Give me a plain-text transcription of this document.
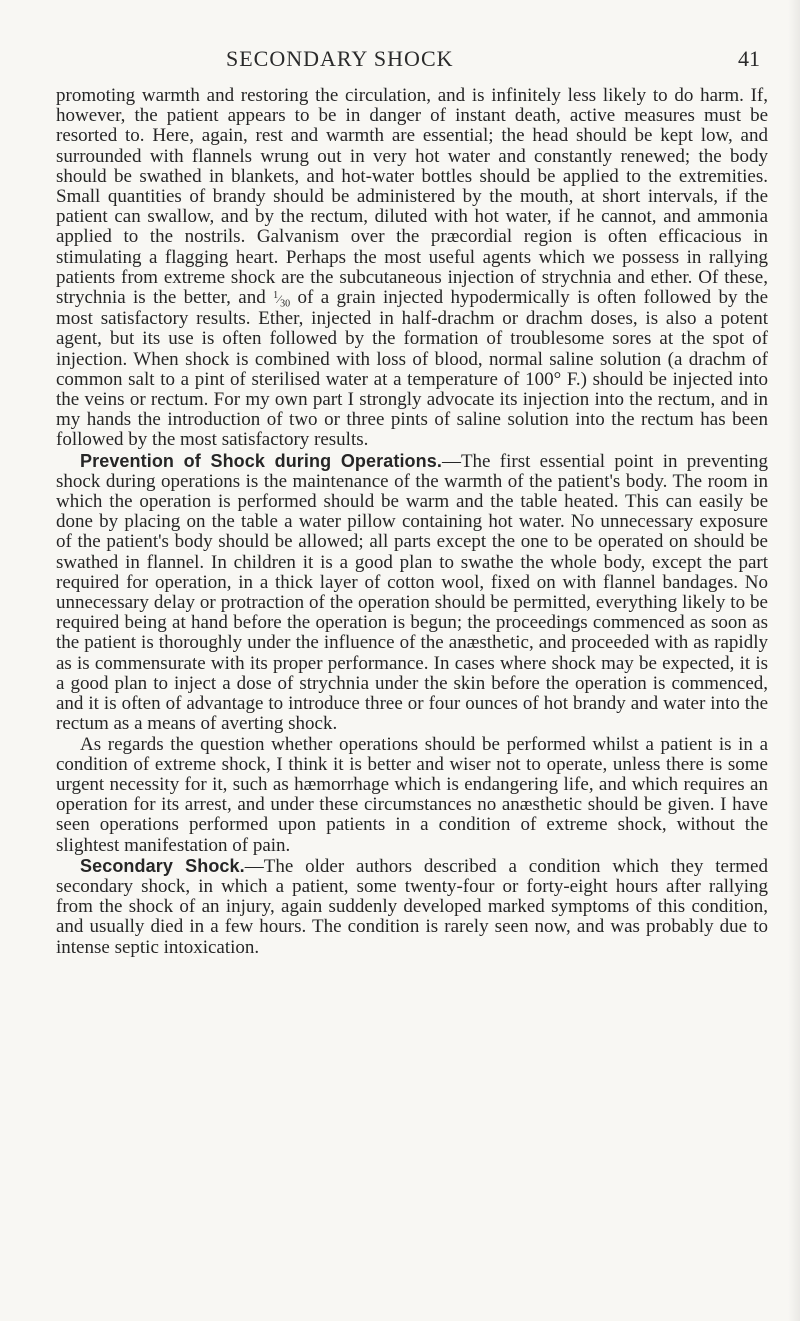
SECONDARY SHOCK	41

promoting warmth and restoring the circulation, and is infinitely less likely to do harm. If, however, the patient appears to be in danger of instant death, active measures must be resorted to. Here, again, rest and warmth are essential; the head should be kept low, and surrounded with flannels wrung out in very hot water and constantly renewed; the body should be swathed in blankets, and hot-water bottles should be applied to the extremities. Small quantities of brandy should be administered by the mouth, at short intervals, if the patient can swallow, and by the rectum, diluted with hot water, if he cannot, and ammonia applied to the nostrils. Galvanism over the præcordial region is often efficacious in stimulating a flagging heart. Perhaps the most useful agents which we possess in rallying patients from extreme shock are the subcutaneous injection of strychnia and ether. Of these, strychnia is the better, and $^1⁄_{30}$ of a grain injected hypodermically is often followed by the most satisfactory results. Ether, injected in half-drachm or drachm doses, is also a potent agent, but its use is often followed by the formation of troublesome sores at the spot of injection. When shock is combined with loss of blood, normal saline solution (a drachm of common salt to a pint of sterilised water at a temperature of 100° F.) should be injected into the veins or rectum. For my own part I strongly advocate its injection into the rectum, and in my hands the introduction of two or three pints of saline solution into the rectum has been followed by the most satisfactory results.

Prevention of Shock during Operations.—The first essential point in preventing shock during operations is the maintenance of the warmth of the patient's body. The room in which the operation is performed should be warm and the table heated. This can easily be done by placing on the table a water pillow containing hot water. No unnecessary exposure of the patient's body should be allowed; all parts except the one to be operated on should be swathed in flannel. In children it is a good plan to swathe the whole body, except the part required for operation, in a thick layer of cotton wool, fixed on with flannel bandages. No unnecessary delay or protraction of the operation should be permitted, everything likely to be required being at hand before the operation is begun; the proceedings commenced as soon as the patient is thoroughly under the influence of the anæsthetic, and proceeded with as rapidly as is commensurate with its proper performance. In cases where shock may be expected, it is a good plan to inject a dose of strychnia under the skin before the operation is commenced, and it is often of advantage to introduce three or four ounces of hot brandy and water into the rectum as a means of averting shock.

As regards the question whether operations should be performed whilst a patient is in a condition of extreme shock, I think it is better and wiser not to operate, unless there is some urgent necessity for it, such as hæmorrhage which is endangering life, and which requires an operation for its arrest, and under these circumstances no anæsthetic should be given. I have seen operations performed upon patients in a condition of extreme shock, without the slightest manifestation of pain.

Secondary Shock.—The older authors described a condition which they termed secondary shock, in which a patient, some twenty-four or forty-eight hours after rallying from the shock of an injury, again suddenly developed marked symptoms of this condition, and usually died in a few hours. The condition is rarely seen now, and was probably due to intense septic intoxication.
